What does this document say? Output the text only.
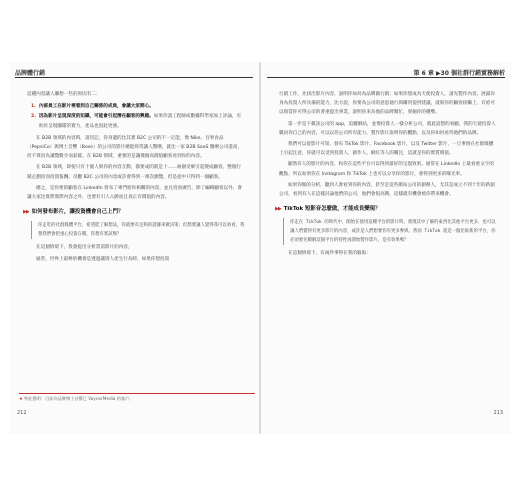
品牌體行銷

這種內容讓人聯想一些的原因有二：

1. 內部員工在影片裡看到自己關係的成員，會讓大家開心。
2. 因為影片呈現深度的知識，可能會引起潛在顧客的興趣。如果你請工程師或數據科學家加上評論，有助於呈現團隊的實力，產品也因此更強。

在 B2B 領域的內容時，請切記，你身邊的比其實 B2C 公司的不一定能，像 Nike、百事食品（PepsiCo）與博士音響（Bose）的公司的影片總能經常讓人驚嘆，就比一家 B2B SaaS 醫療公司還高，但不算因為讓覽數少而氣餒。在 B2B 領域，重要的是讓幾個高價值顧客看到你的內容。

在 B2B 領域，即使只有十個人與你的內容互動，都要成的就是十……兩個受眾引起變成顧客，整個行銷企劃因而投資報酬。反觀 B2C 公司的內容或許會得到一萬次瀏覽，但是從中只得到一個顧客。

總之，是你要的顧客在 LinkedIn 發布了專門給你相關的內容，並且投放廣告，除了編輯顧客以外，會讓大家比實際實際內容之外，也要有引人入勝而且真正有價值的內容。

▶▶ 如何發布影片，讓投資機會自己上門？
你走吃的社群媒體平台，希望能了解想法，你就要有足夠的證據來做決策；但想要讓人覺得我可以看看，我想我們會把重心投資在哪，你想有嘗試嗎？

在這個情境下，我會提出分析當前影片的內容，

通常，世界上最棒的機會是透過讓別人產生行為時，如果你想投資

★ 特此聲明：目前為品牌博士音響已 VaynerMedia 的客戶。
212
第 6 章 ▶30 個社群行銷實務解析

行銷工作，先找出影片內容，說明你如何為品牌做行銷；如果你想成為天使投資人，請先製作內容，展露你身為投資人所具備的能力，比方說，你要為公司的意思通行與購買提供建議，就與你的顧客接觸上，有給可以與當你可得公司的著重提出事業，說明你來為他的品牌幫忙，發掘你的優勢。

第一步是下載該公司的 app，追蹤網站，並像投資人一樣分析公司，就此設想的看顧，我的天使投資人職員你自己的內容，可以以你公司所有能力，製作影片說明你的觀點，以及你如何看待他們的品牌。

我們可以從影片可知，發布 TikTok 影片、Facebook 影片，以及 Twitter 影片，一旦事情在社群媒體上引起注意，你就可以受到投資人、創作人、網紅等人的關注，這就是你的實質價值。

顯然有人的影片的內容，和你在這些平台可以得到最好的呈現效果。通常在 LinkedIn 上最看重文字的觀點，所以如果你在 Instagram 和 TikTok 上也可以分享你的影片，會得到更多的曝光率。

如果你做的分析，聽到人會看到你的內容，甚至是這些網站公司的創辦人，尤其是成立不到十年的新創公司，看到有人在這樣討論他們的公司，他們會很高興，這樣就有機會被你帶來機會。

▶▶ TikTok 短影音怎麼做，才能成長變現？
你走在 TikTok 的時代中，開始在使用這種平台的影片時，發現其中了解的東西比其他平台更多，也可以讓人們覺得有更多影片的內容，或許是人們想要你有更多參與。然而 TikTok 還是一個比較新的平台，你必須要先瞭解這個平台的特性再開始製作影片，是有效果嗎？

在這個情境下，有兩件事得在我的腦海：

213
